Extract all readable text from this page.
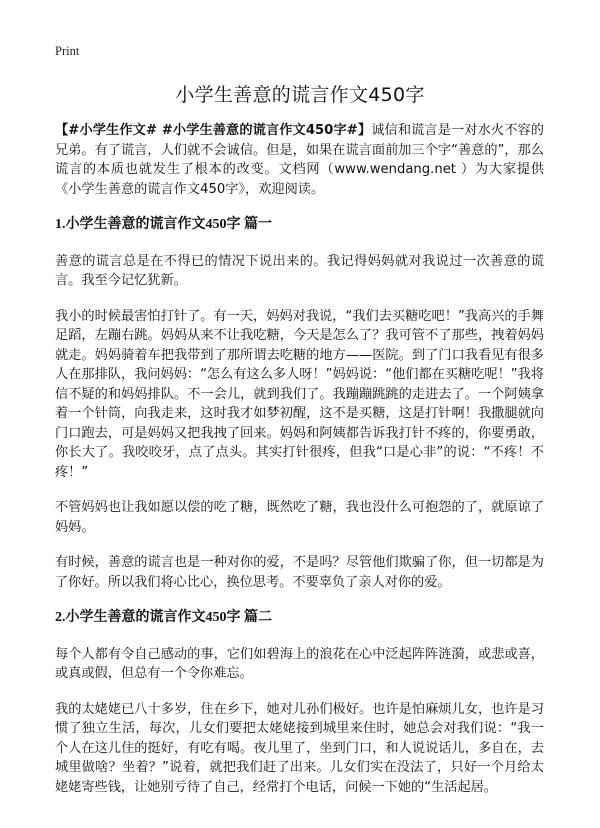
Print
小学生善意的谎言作文450字

【#小学生作文# #小学生善意的谎言作文450字#】诚信和谎言是一对水火不容的兄弟。有了谎言，人们就不会诚信。但是，如果在谎言面前加三个字“善意的”，那么谎言的本质也就发生了根本的改变。文档网（www.wendang.net ）为大家提供《小学生善意的谎言作文450字》，欢迎阅读。

1.小学生善意的谎言作文450字 篇一

善意的谎言总是在不得已的情况下说出来的。我记得妈妈就对我说过一次善意的谎言。我至今记忆犹新。

我小的时候最害怕打针了。有一天，妈妈对我说，“我们去买糖吃吧！”我高兴的手舞足蹈，左蹦右跳。妈妈从来不让我吃糖，今天是怎么了？我可管不了那些，拽着妈妈就走。妈妈骑着车把我带到了那所谓去吃糖的地方——医院。到了门口我看见有很多人在那排队，我问妈妈：“怎么有这么多人呀！”妈妈说：“他们都在买糖吃呢！”我将信不疑的和妈妈排队。不一会儿，就到我们了。我蹦蹦跳跳的走进去了。一个阿姨拿着一个针筒，向我走来，这时我才如梦初醒，这不是买糖，这是打针啊！我撒腿就向门口跑去，可是妈妈又把我拽了回来。妈妈和阿姨都告诉我打针不疼的，你要勇敢，你长大了。我咬咬牙，点了点头。其实打针很疼，但我“口是心非”的说：“不疼！不疼！”

不管妈妈也让我如愿以偿的吃了糖，既然吃了糖，我也没什么可抱怨的了，就原谅了妈妈。

有时候，善意的谎言也是一种对你的爱，不是吗？尽管他们欺骗了你，但一切都是为了你好。所以我们将心比心，换位思考。不要辜负了亲人对你的爱。

2.小学生善意的谎言作文450字 篇二

每个人都有令自己感动的事，它们如碧海上的浪花在心中泛起阵阵涟漪，或悲或喜，或真或假，但总有一个令你难忘。

我的太姥姥已八十多岁，住在乡下，她对儿孙们极好。也许是怕麻烦儿女，也许是习惯了独立生活，每次，儿女们要把太姥姥接到城里来住时，她总会对我们说：“我一个人在这儿住的挺好，有吃有喝。夜儿里了，坐到门口，和人说说话儿，多自在，去城里做啥？坐着？”说着，就把我们赶了出来。儿女们实在没法了，只好一个月给太姥姥寄些钱，让她别亏待了自己，经常打个电话，问候一下她的“生活起居。
